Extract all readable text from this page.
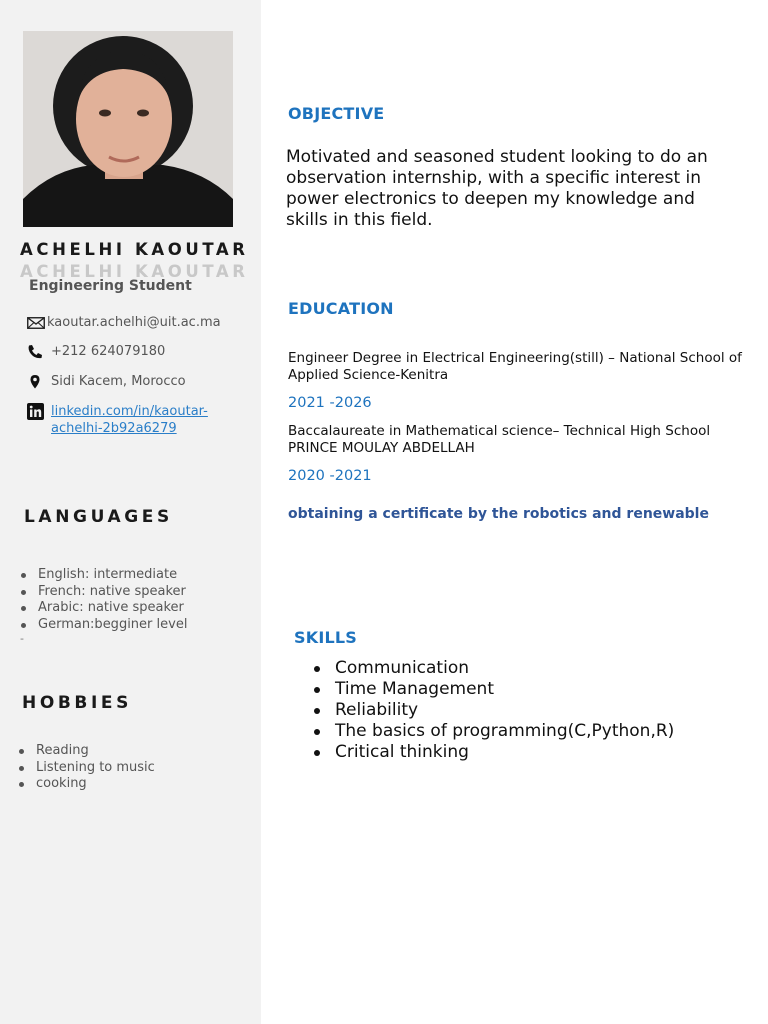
ACHELHI KAOUTAR
Engineering Student
kaoutar.achelhi@uit.ac.ma
+212 624079180
Sidi Kacem, Morocco
linkedin.com/in/kaoutar-
achelhi-2b92a6279
LANGUAGES
English: intermediate
French: native speaker
Arabic: native speaker
German:begginer level
-
HOBBIES
Reading
Listening to music
cooking
OBJECTIVE
Motivated and seasoned student looking to do an observation internship, with a specific interest in power electronics to deepen my knowledge and skills in this field.
EDUCATION
Engineer Degree in Electrical Engineering(still) – National School of Applied Science-Kenitra
2021 -2026
Baccalaureate in Mathematical science– Technical High School PRINCE MOULAY ABDELLAH
2020 -2021
obtaining a certificate by the robotics and renewable
SKILLS
Communication
Time Management
Reliability
The basics of programming(C,Python,R)
Critical thinking
